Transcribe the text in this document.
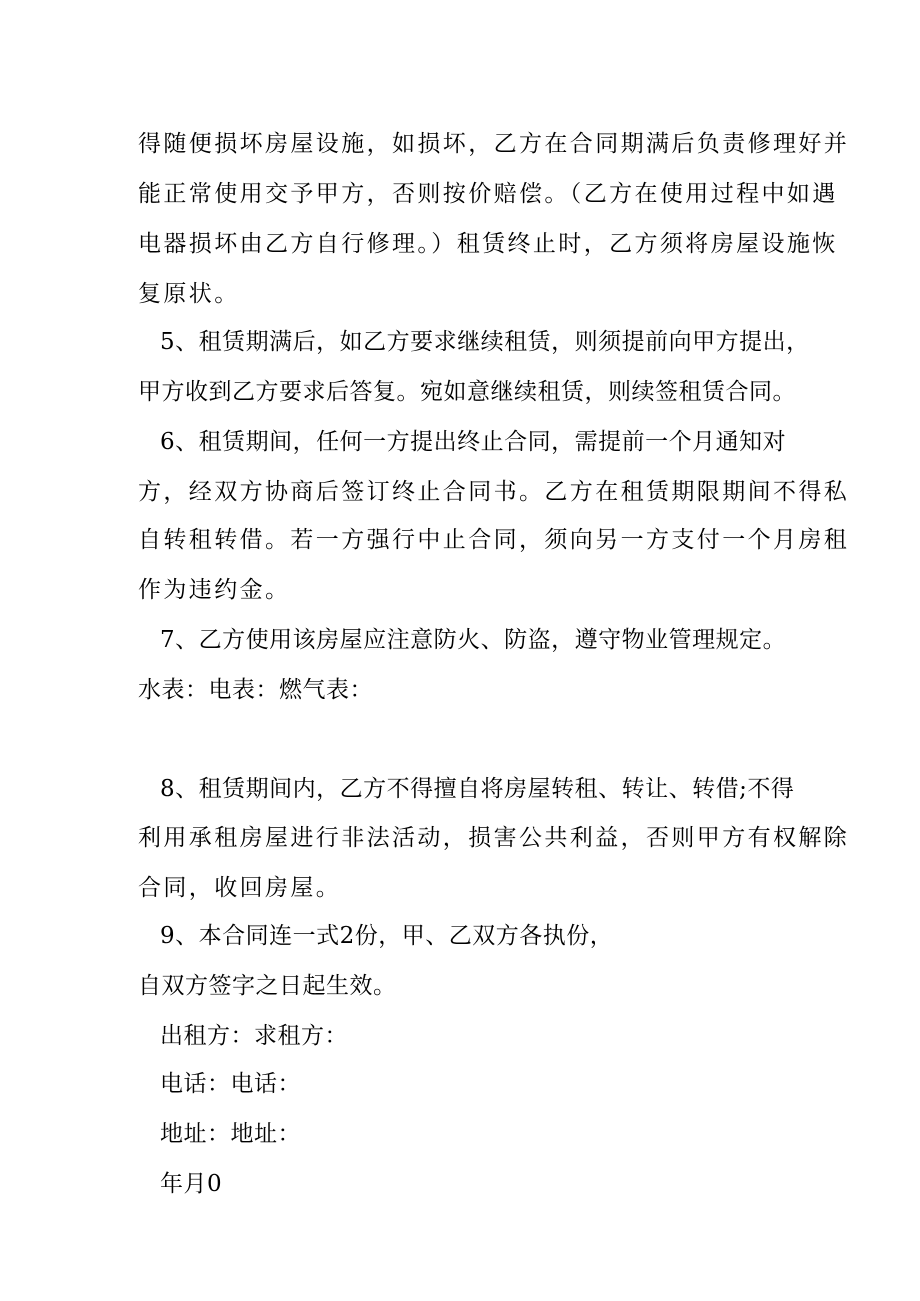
得随便损坏房屋设施，如损坏，乙方在合同期满后负责修理好并
能正常使用交予甲方，否则按价赔偿。（乙方在使用过程中如遇
电器损坏由乙方自行修理。）租赁终止时，乙方须将房屋设施恢
复原状。
5、租赁期满后，如乙方要求继续租赁，则须提前向甲方提出，
甲方收到乙方要求后答复。宛如意继续租赁，则续签租赁合同。
6、租赁期间，任何一方提出终止合同，需提前一个月通知对
方，经双方协商后签订终止合同书。乙方在租赁期限期间不得私
自转租转借。若一方强行中止合同，须向另一方支付一个月房租
作为违约金。
7、乙方使用该房屋应注意防火、防盗，遵守物业管理规定。
水表：电表：燃气表：
8、租赁期间内，乙方不得擅自将房屋转租、转让、转借;不得
利用承租房屋进行非法活动，损害公共利益，否则甲方有权解除
合同，收回房屋。
9、本合同连一式2份，甲、乙双方各执份，
自双方签字之日起生效。
出租方：求租方：
电话：电话：
地址：地址：
年月0
